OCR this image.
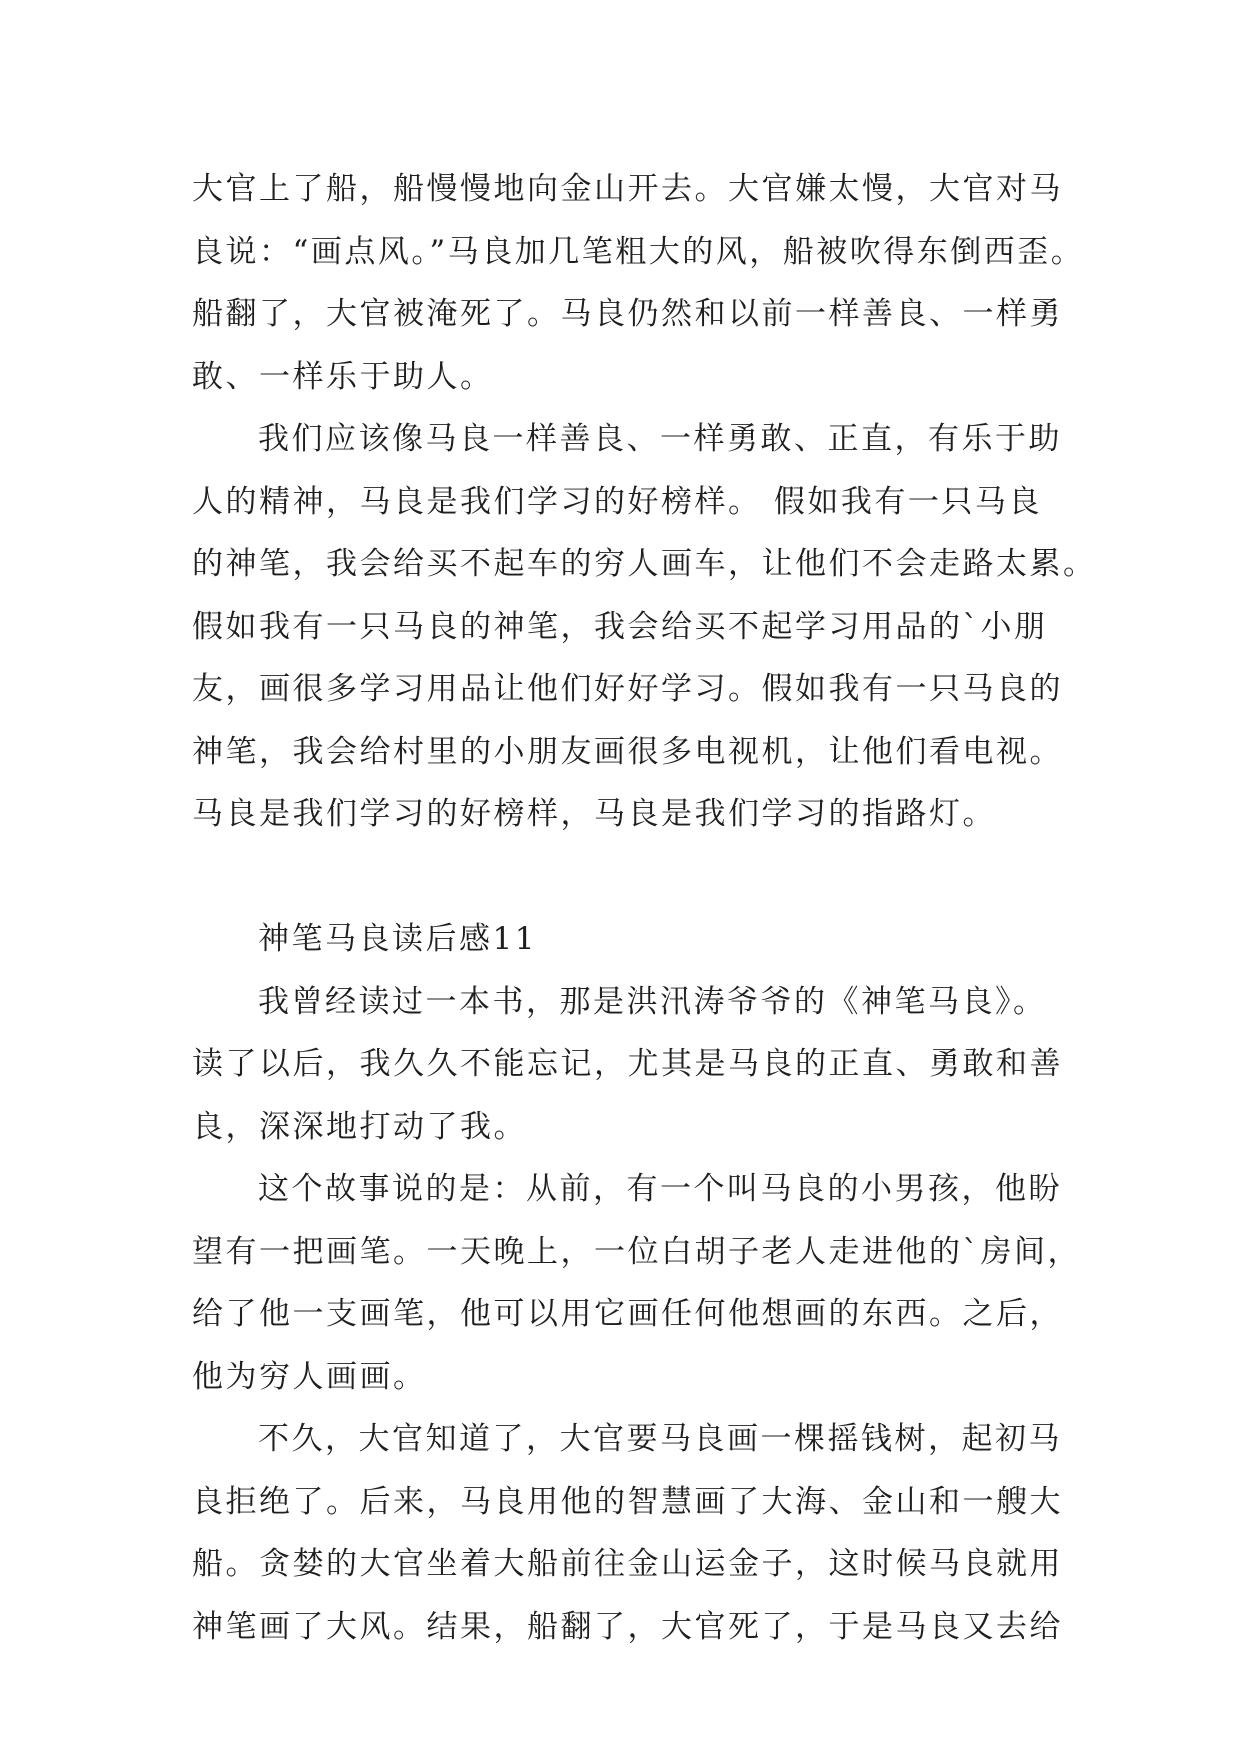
大官上了船，船慢慢地向金山开去。大官嫌太慢，大官对马
良说：“画点风。”马良加几笔粗大的风，船被吹得东倒西歪。
船翻了，大官被淹死了。马良仍然和以前一样善良、一样勇
敢、一样乐于助人。
我们应该像马良一样善良、一样勇敢、正直，有乐于助
人的精神，马良是我们学习的好榜样。 假如我有一只马良
的神笔，我会给买不起车的穷人画车，让他们不会走路太累。
假如我有一只马良的神笔，我会给买不起学习用品的`小朋
友，画很多学习用品让他们好好学习。假如我有一只马良的
神笔，我会给村里的小朋友画很多电视机，让他们看电视。
马良是我们学习的好榜样，马良是我们学习的指路灯。
神笔马良读后感11
我曾经读过一本书，那是洪汛涛爷爷的《神笔马良》。
读了以后，我久久不能忘记，尤其是马良的正直、勇敢和善
良，深深地打动了我。
这个故事说的是：从前，有一个叫马良的小男孩，他盼
望有一把画笔。一天晚上，一位白胡子老人走进他的`房间，
给了他一支画笔，他可以用它画任何他想画的东西。之后，
他为穷人画画。
不久，大官知道了，大官要马良画一棵摇钱树，起初马
良拒绝了。后来，马良用他的智慧画了大海、金山和一艘大
船。贪婪的大官坐着大船前往金山运金子，这时候马良就用
神笔画了大风。结果，船翻了，大官死了，于是马良又去给
